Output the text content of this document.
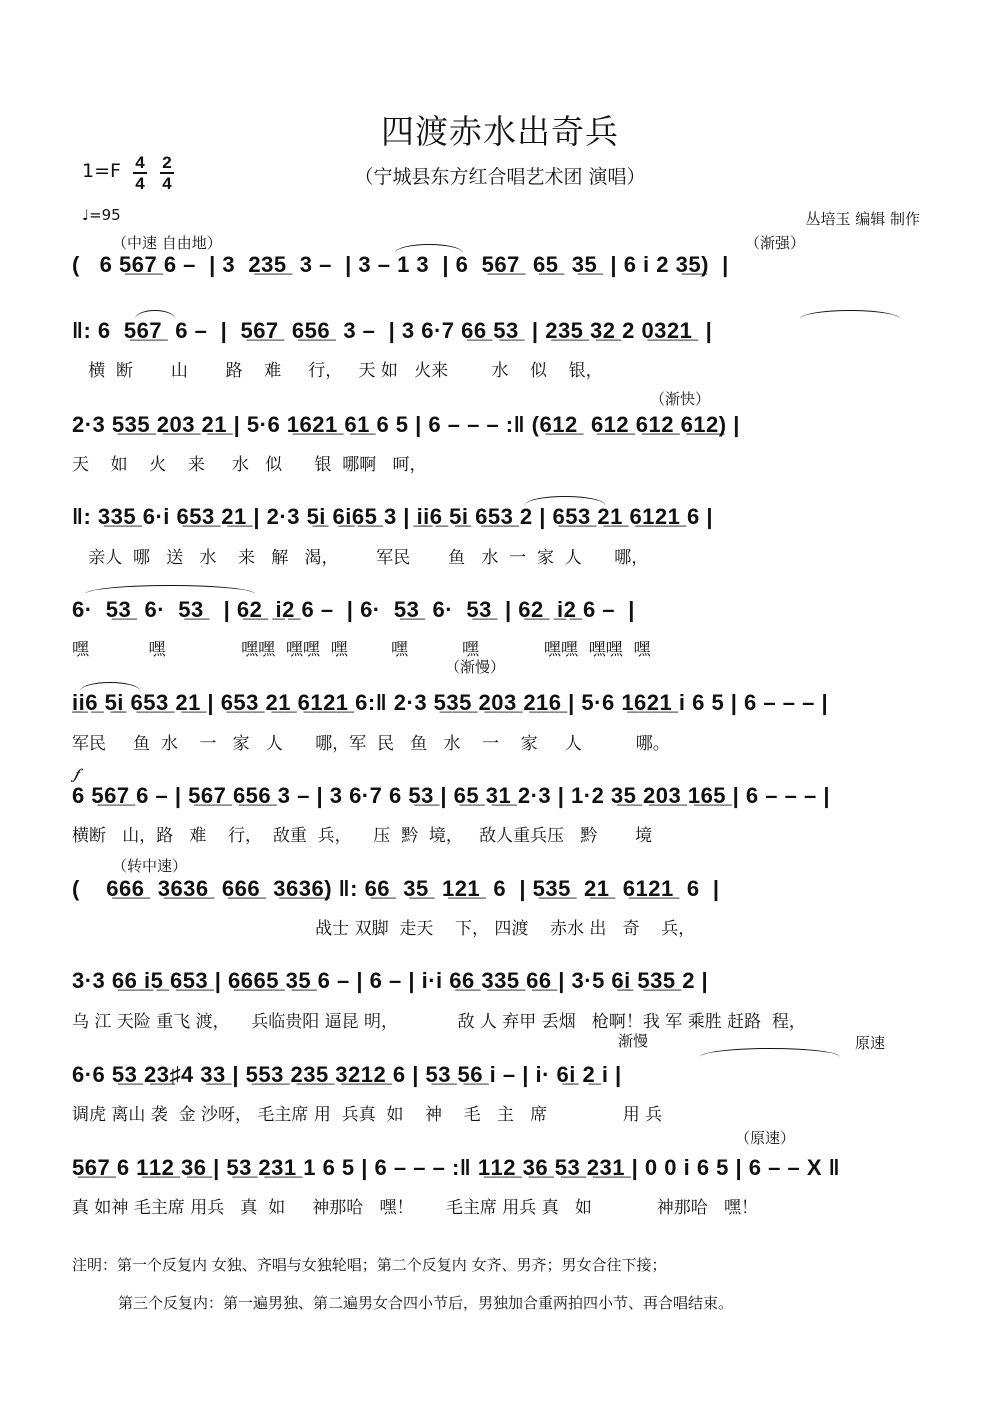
四渡赤水出奇兵
1=F 4
4
2
4	（宁城县东方红合唱艺术团 演唱）
♩=95	丛培玉 编辑 制作
（中速 自由地）	（渐强）
（渐快）
（渐慢）
𝆑
（转中速）
渐慢	原速
（原速）
(   6 5̲6̲7̲ 6 –  | 3  2̲3̲5̲  3 –  | 3 – 1 3  | 6  5̲6̲7̲  6̲5̲  3̲5̲  | 6 i 2 3̲5̲)  |
‖: 6  5̲6̲7̲  6 –  |  5̲6̲7̲  6̲5̲6̲  3 –  | 3 6·7 6̲6̲ 5̲3̲  | 2̲3̲5̲ 3̲2̲ 2 0̲3̲2̲1̲  |
横  断       山       路    难     行，   天 如   火来        水    似    银，
2·3 5̲3̲5̲ 2̲0̲3̲ 2̲1̲ | 5·6 1̲6̲2̲1̲ 6̲1̲ 6 5 | 6 – – – :‖ (6̲1̲2̲  6̲1̲2̲ 6̲1̲2̲ 6̲1̲2̲) |
天    如    火    来     水   似      银  哪啊   呵，
‖: 3̲3̲5̲ 6·i 6̲5̲3̲ 2̲1̲ | 2·3 5̲i̲ 6̲i̲6̲5̲ 3 | i̲i̲6̲ 5̲i̲ 6̲5̲3̲ 2 | 6̲5̲3̲ 2̲1̲ 6̲1̲2̲1̲ 6 |
亲人  哪   送   水    来   解   渴，       军民       鱼   水  一  家  人      哪，
6·  5̲3̲  6·  5̲3̲   | 6̲2̲  i̲2̲ 6 –  | 6·  5̲3̲  6·  5̲3̲  | 6̲2̲  i̲2̲ 6 –  |
嘿           嘿              嘿嘿  嘿嘿  嘿        嘿          嘿            嘿嘿  嘿嘿  嘿
i̲i̲6̲ 5̲i̲ 6̲5̲3̲ 2̲1̲ | 6̲5̲3̲ 2̲1̲ 6̲1̲2̲1̲ 6:‖ 2·3 5̲3̲5̲ 2̲0̲3̲ 2̲1̲6̲ | 5·6 1̲6̲2̲1̲ i 6 5 | 6 – – – |
军民     鱼  水    一   家   人      哪，军  民   鱼   水    一    家     人          哪。
6 5̲6̲7̲ 6 – | 5̲6̲7̲ 6̲5̲6̲ 3 – | 3 6·7 6 5̲3̲ | 6̲5̲ 3̲1̲ 2·3 | 1·2 3̲5̲ 2̲0̲3̲ 1̲6̲5̲ | 6 – – – |
横断   山，路   难    行，  敌重  兵，    压  黔  境，   敌人重兵压   黔       境
(    6̲6̲6̲  3̲6̲3̲6̲  6̲6̲6̲  3̲6̲3̲6̲) ‖: 6̲6̲  3̲5̲  1̲2̲1̲  6  | 5̲3̲5̲  2̲1̲  6̲1̲2̲1̲  6  |
战士 双脚  走天    下， 四渡    赤水 出   奇    兵，
3·3 6̲6̲ i̲5̲ 6̲5̲3̲ | 6̲6̲6̲5̲ 3̲5̲ 6 – | 6 – | i·i 6̲6̲ 3̲3̲5̲ 6̲6̲ | 3·5 6̲i̲ 5̲3̲5̲ 2 |
乌 江 天险 重飞 渡，    兵临贵阳 逼昆 明，           敌 人 弃甲 丢烟   枪啊！我 军 乘胜 赶路  程，
6·6 5̲3̲ 2̲3̲♯4 3̲3̲ | 5̲5̲3̲ 2̲3̲5̲ 3̲2̲1̲2̲ 6 | 5̲3̲ 5̲6̲ i – | i· 6̲i̲ 2̲ i |
调虎 离山 袭  金 沙呀， 毛主席 用  兵真  如    神    毛   主   席              用 兵
5̲6̲7̲ 6 1̲1̲2̲ 3̲6̲ | 5̲3̲ 2̲3̲1̲ 1 6 5 | 6 – – – :‖ 1̲1̲2̲ 3̲6̲ 5̲3̲ 2̲3̲1̲ | 0 0 i 6 5 | 6 – – X ‖
真 如神 毛主席 用兵   真  如     神那哈   嘿！      毛主席 用兵 真   如            神那哈   嘿！
注明：第一个反复内 女独、齐唱与女独轮唱；第二个反复内 女齐、男齐；男女合往下接；
第三个反复内：第一遍男独、第二遍男女合四小节后，男独加合重两拍四小节、再合唱结束。
